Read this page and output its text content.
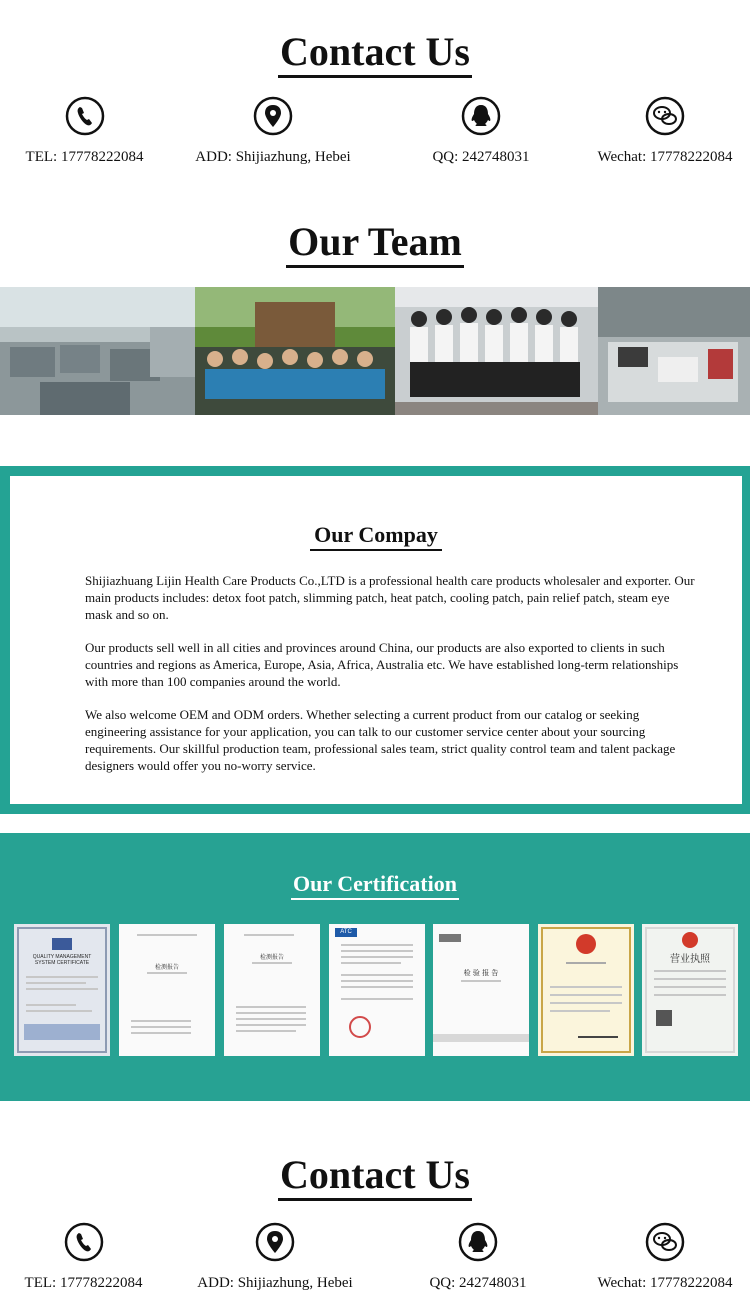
Contact Us
TEL: 17778222084	ADD: Shijiazhung, Hebei	QQ: 242748031	Wechat: 17778222084
Our Team
Our Compay

Shijiazhuang Lijin Health Care Products Co.,LTD is a professional health care products wholesaler and exporter. Our main products includes: detox foot patch, slimming patch, heat patch, cooling patch, pain relief patch, steam eye mask and so on.

Our products sell well in all cities and provinces around China, our products are also exported to clients in such countries and regions as America, Europe, Asia, Africa, Australia etc. We have established long-term relationships with more than 100 companies around the world.

We also welcome OEM and ODM orders. Whether selecting a current product from our catalog or seeking engineering assistance for your application, you can talk to our customer service center about your sourcing requirements. Our skillful production team, professional sales team, strict quality control team and talent package designers would offer you no-worry service.

Our Certification
QUALITY MANAGEMENT SYSTEM CERTIFICATE
检测报告
检测报告
ATC
检 验 报 告
营业执照
Contact Us
TEL: 17778222084	ADD: Shijiazhung, Hebei	QQ: 242748031	Wechat: 17778222084
